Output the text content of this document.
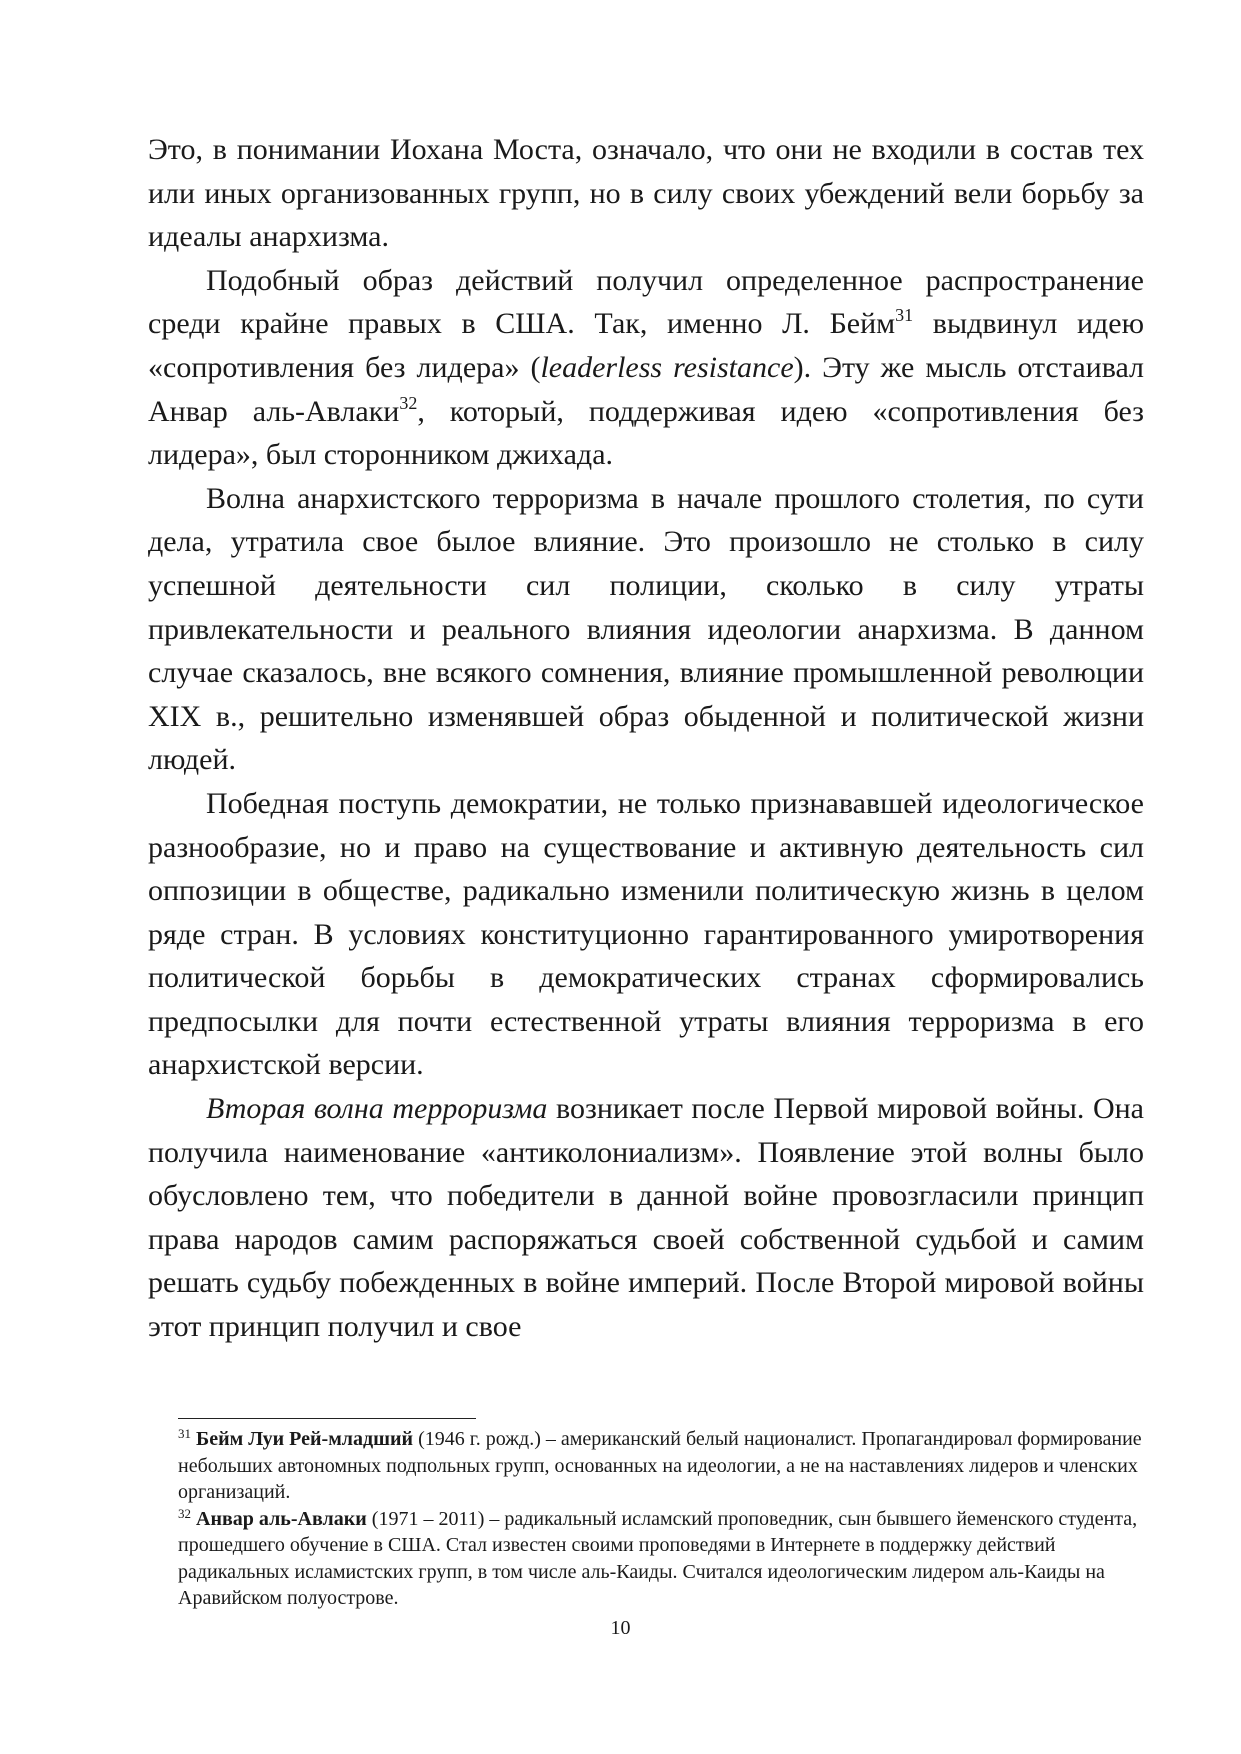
Это, в понимании Иохана Моста, означало, что они не входили в состав тех или иных организованных групп, но в силу своих убеждений вели борьбу за идеалы анархизма.

Подобный образ действий получил определенное распространение среди крайне правых в США. Так, именно Л. Бейм$^{31}$ выдвинул идею «сопротивления без лидера» (leaderless resistance). Эту же мысль отстаивал Анвар аль-Авлаки$^{32}$, который, поддерживая идею «сопротивления без лидера», был сторонником джихада.

Волна анархистского терроризма в начале прошлого столетия, по сути дела, утратила свое былое влияние. Это произошло не столько в силу успешной деятельности сил полиции, сколько в силу утраты привлекательности и реального влияния идеологии анархизма. В данном случае сказалось, вне всякого сомнения, влияние промышленной революции XIX в., решительно изменявшей образ обыденной и политической жизни людей.

Победная поступь демократии, не только признававшей идеологическое разнообразие, но и право на существование и активную деятельность сил оппозиции в обществе, радикально изменили политическую жизнь в целом ряде стран. В условиях конституционно гарантированного умиротворения политической борьбы в демократических странах сформировались предпосылки для почти естественной утраты влияния терроризма в его анархистской версии.

Вторая волна терроризма возникает после Первой мировой войны. Она получила наименование «антиколониализм». Появление этой волны было обусловлено тем, что победители в данной войне провозгласили принцип права народов самим распоряжаться своей собственной судьбой и самим решать судьбу побежденных в войне империй. После Второй мировой войны этот принцип получил и свое

$^{31}$ Бейм Луи Рей-младший (1946 г. рожд.) – американский белый националист. Пропагандировал формирование небольших автономных подпольных групп, основанных на идеологии, а не на наставлениях лидеров и членских организаций.

$^{32}$ Анвар аль-Авлаки (1971 – 2011) – радикальный исламский проповедник, сын бывшего йеменского студента, прошедшего обучение в США. Стал известен своими проповедями в Интернете в поддержку действий радикальных исламистских групп, в том числе аль-Каиды. Считался идеологическим лидером аль-Каиды на Аравийском полуострове.

10
